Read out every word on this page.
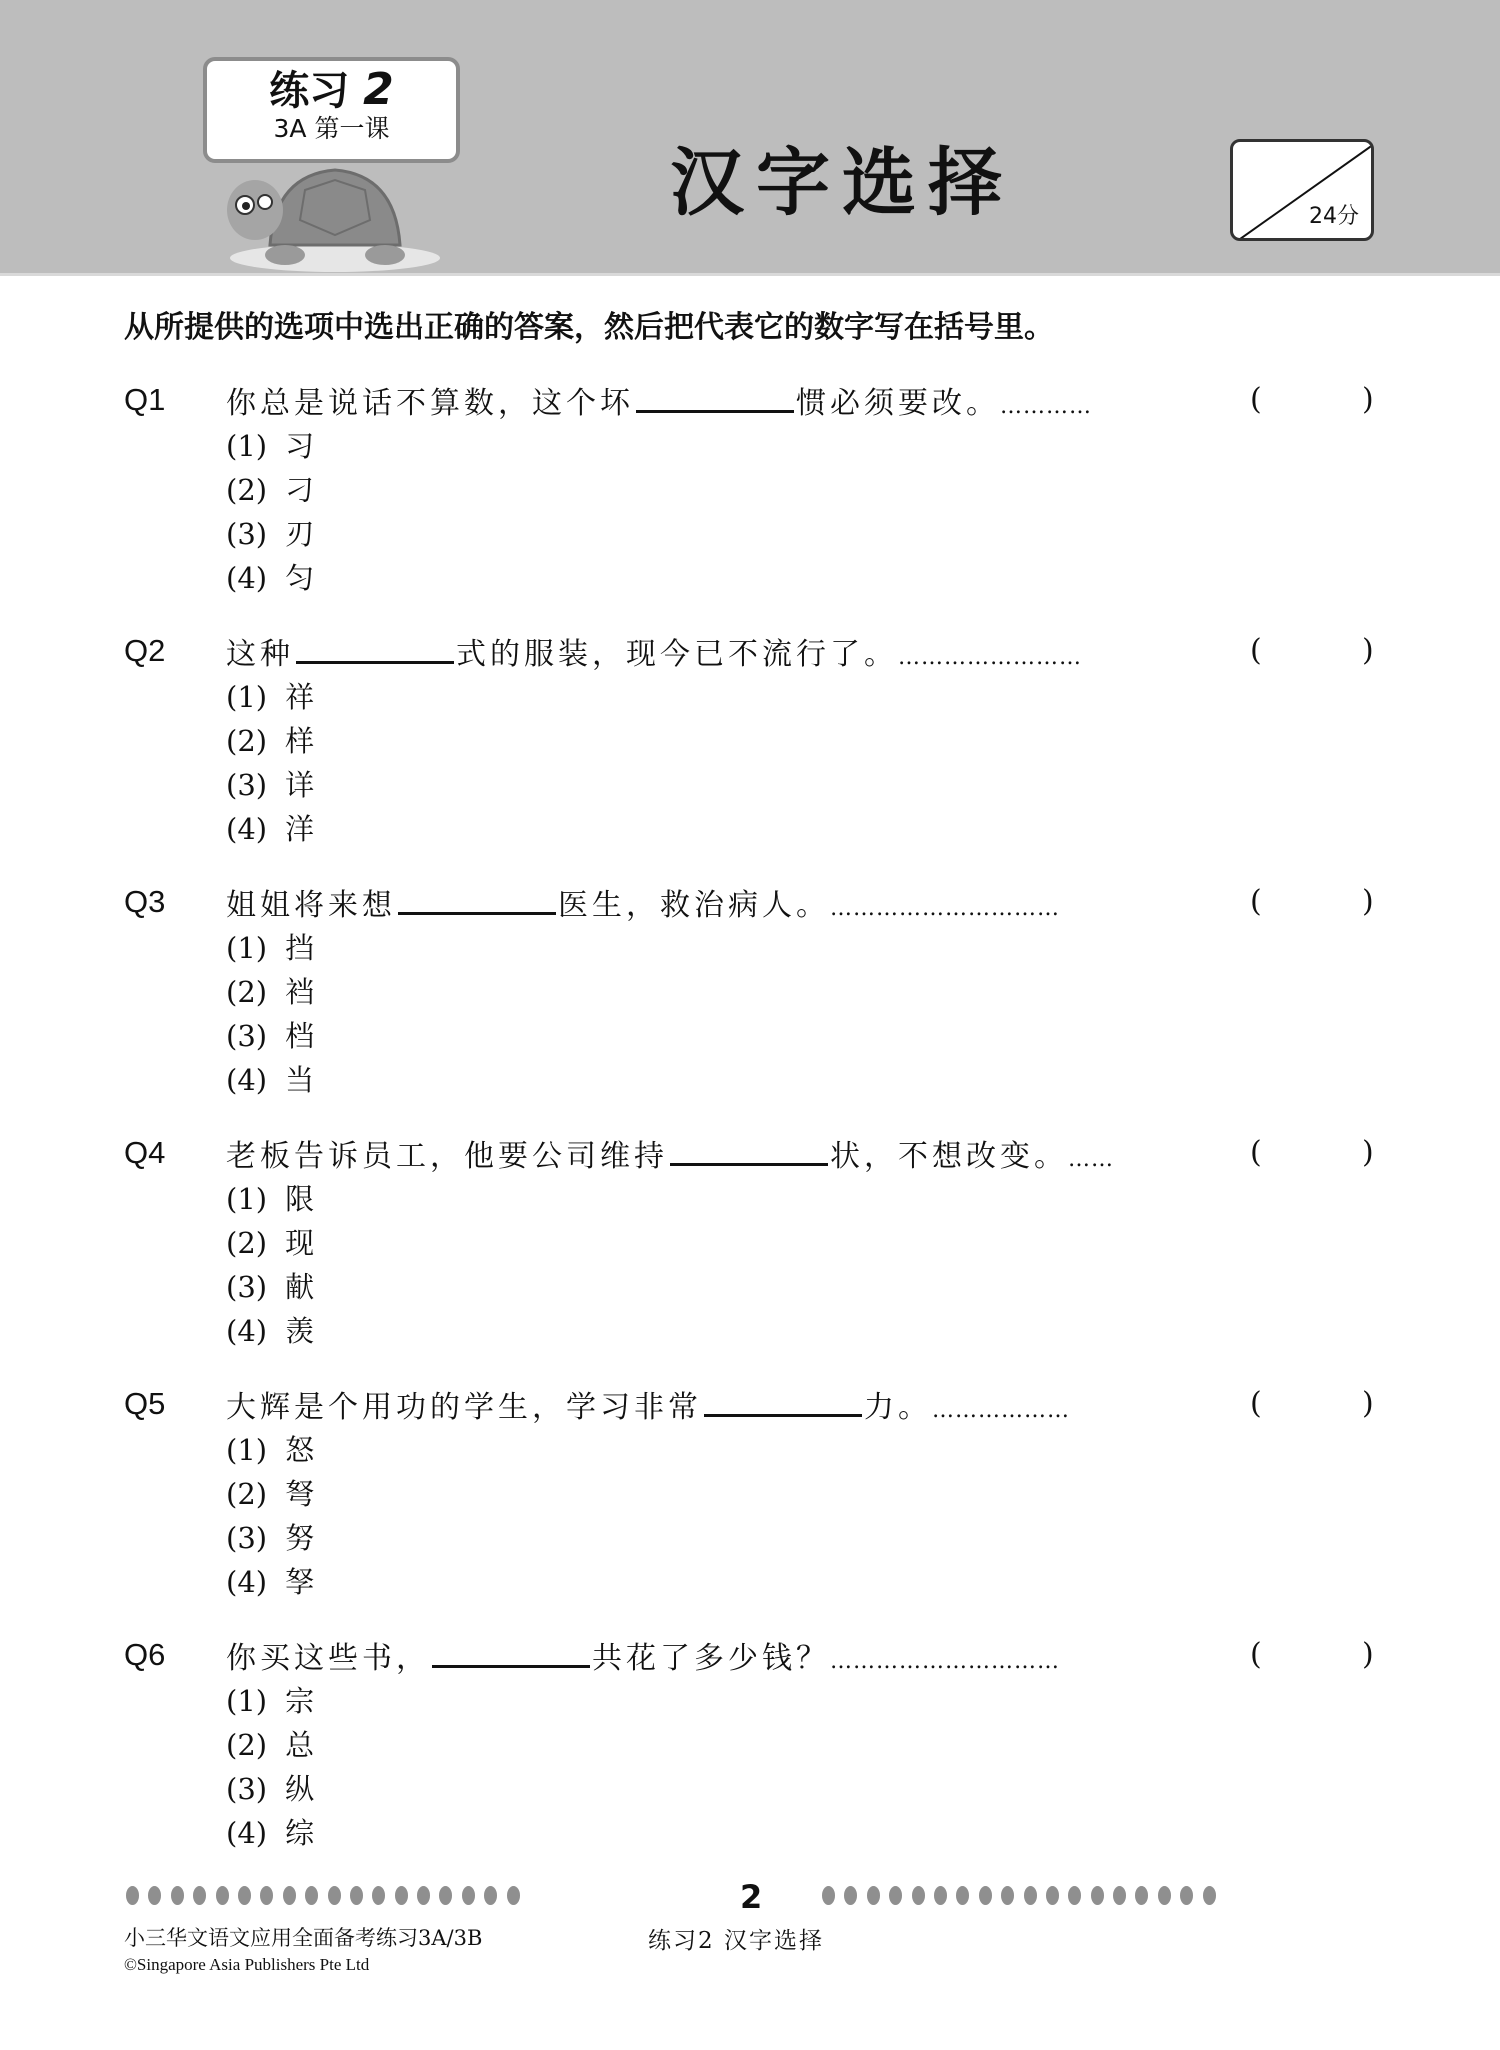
练习 2
3A 第一课
汉字选择	24分
从所提供的选项中选出正确的答案，然后把代表它的数字写在括号里。
Q1 你总是说话不算数，这个坏	惯必须要改。…………	(	)
(1) 习
(2) 刁
(3) 刃
(4) 匀
Q2 这种	式的服装，现今已不流行了。……………………	(	)
(1) 祥
(2) 样
(3) 详
(4) 洋
Q3 姐姐将来想	医生，救治病人。…………………………	(	)
(1) 挡
(2) 裆
(3) 档
(4) 当
Q4 老板告诉员工，他要公司维持	状，不想改变。……	(	)
(1) 限
(2) 现
(3) 献
(4) 羡
Q5 大辉是个用功的学生，学习非常	力。………………	(	)
(1) 怒
(2) 弩
(3) 努
(4) 孥
Q6 你买这些书，	共花了多少钱？…………………………	(	)
(1) 宗
(2) 总
(3) 纵
(4) 综
2
小三华文语文应用全面备考练习3A/3B
©Singapore Asia Publishers Pte Ltd
练习2 汉字选择
